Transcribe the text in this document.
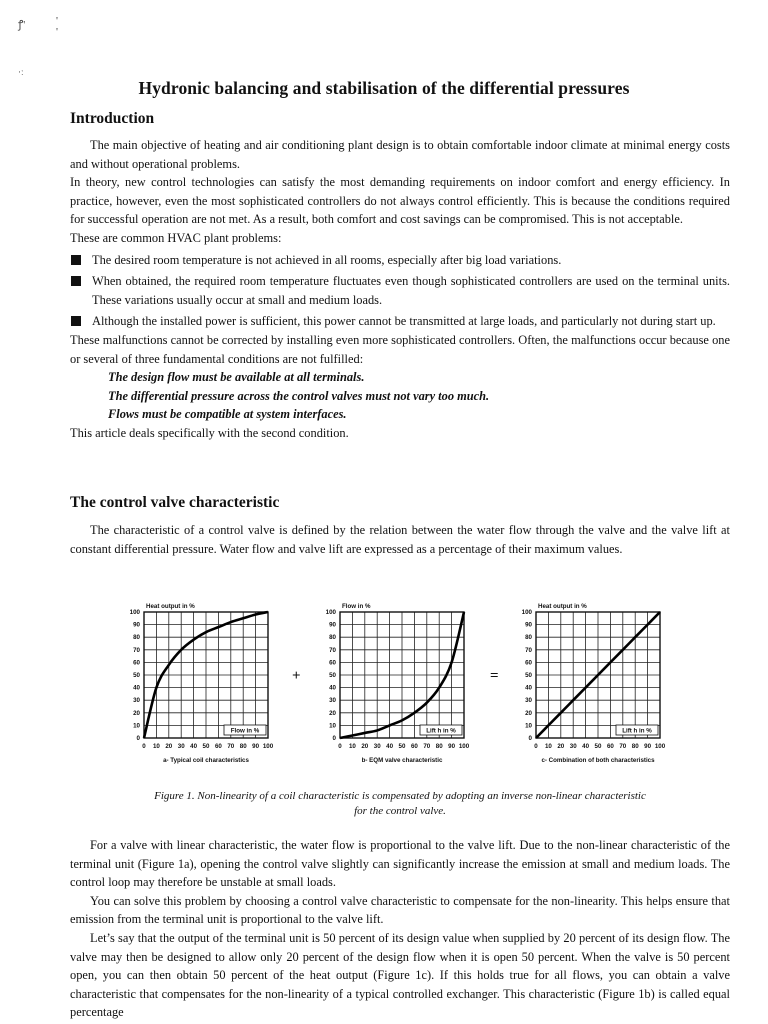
ꝭ'	' '
·ː
Hydronic balancing and stabilisation of the differential pressures
Introduction

The main objective of heating and air conditioning plant design is to obtain comfortable indoor climate at minimal energy costs and without operational problems.

In theory, new control technologies can satisfy the most demanding requirements on indoor comfort and energy efficiency. In practice, however, even the most sophisticated controllers do not always control efficiently. This is because the conditions required for successful operation are not met. As a result, both comfort and cost savings can be compromised. This is not acceptable.

These are common HVAC plant problems:

The desired room temperature is not achieved in all rooms, especially after big load variations.
When obtained, the required room temperature fluctuates even though sophisticated controllers are used on the terminal units. These variations usually occur at small and medium loads.
Although the installed power is sufficient, this power cannot be transmitted at large loads, and particularly not during start up.

These malfunctions cannot be corrected by installing even more sophisticated controllers. Often, the malfunctions occur because one or several of three fundamental conditions are not fulfilled:

The design flow must be available at all terminals.

The differential pressure across the control valves must not vary too much.

Flows must be compatible at system interfaces.

This article deals specifically with the second condition.

The control valve characteristic

The characteristic of a control valve is defined by the relation between the water flow through the valve and the valve lift at constant differential pressure. Water flow and valve lift are expressed as a percentage of their maximum values.

0
10
20
30
40
50
60
70
80
90
100
0 10 20 30 40 50 60 70 80 90 100
Heat output in %
Flow in %
a- Typical coil characteristics
+
0
10
20
30
40
50
60
70
80
90
100
0 10 20 30 40 50 60 70 80 90 100
Flow in %
Lift h in %
b- EQM valve characteristic
=
0
10
20
30
40
50
60
70
80
90
100
0 10 20 30 40 50 60 70 80 90 100
Heat output in %
Lift h in %
c- Combination of both characteristics
Figure 1. Non-linearity of a coil characteristic is compensated by adopting an inverse non-linear characteristic
for the control valve.

For a valve with linear characteristic, the water flow is proportional to the valve lift. Due to the non-linear characteristic of the terminal unit (Figure 1a), opening the control valve slightly can significantly increase the emission at small and medium loads. The control loop may therefore be unstable at small loads.

You can solve this problem by choosing a control valve characteristic to compensate for the non-linearity. This helps ensure that emission from the terminal unit is proportional to the valve lift.

Let’s say that the output of the terminal unit is 50 percent of its design value when supplied by 20 percent of its design flow. The valve may then be designed to allow only 20 percent of the design flow when it is open 50 percent. When the valve is 50 percent open, you can then obtain 50 percent of the heat output (Figure 1c). If this holds true for all flows, you can obtain a valve characteristic that compensates for the non-linearity of a typical controlled exchanger. This characteristic (Figure 1b) is called equal percentage
